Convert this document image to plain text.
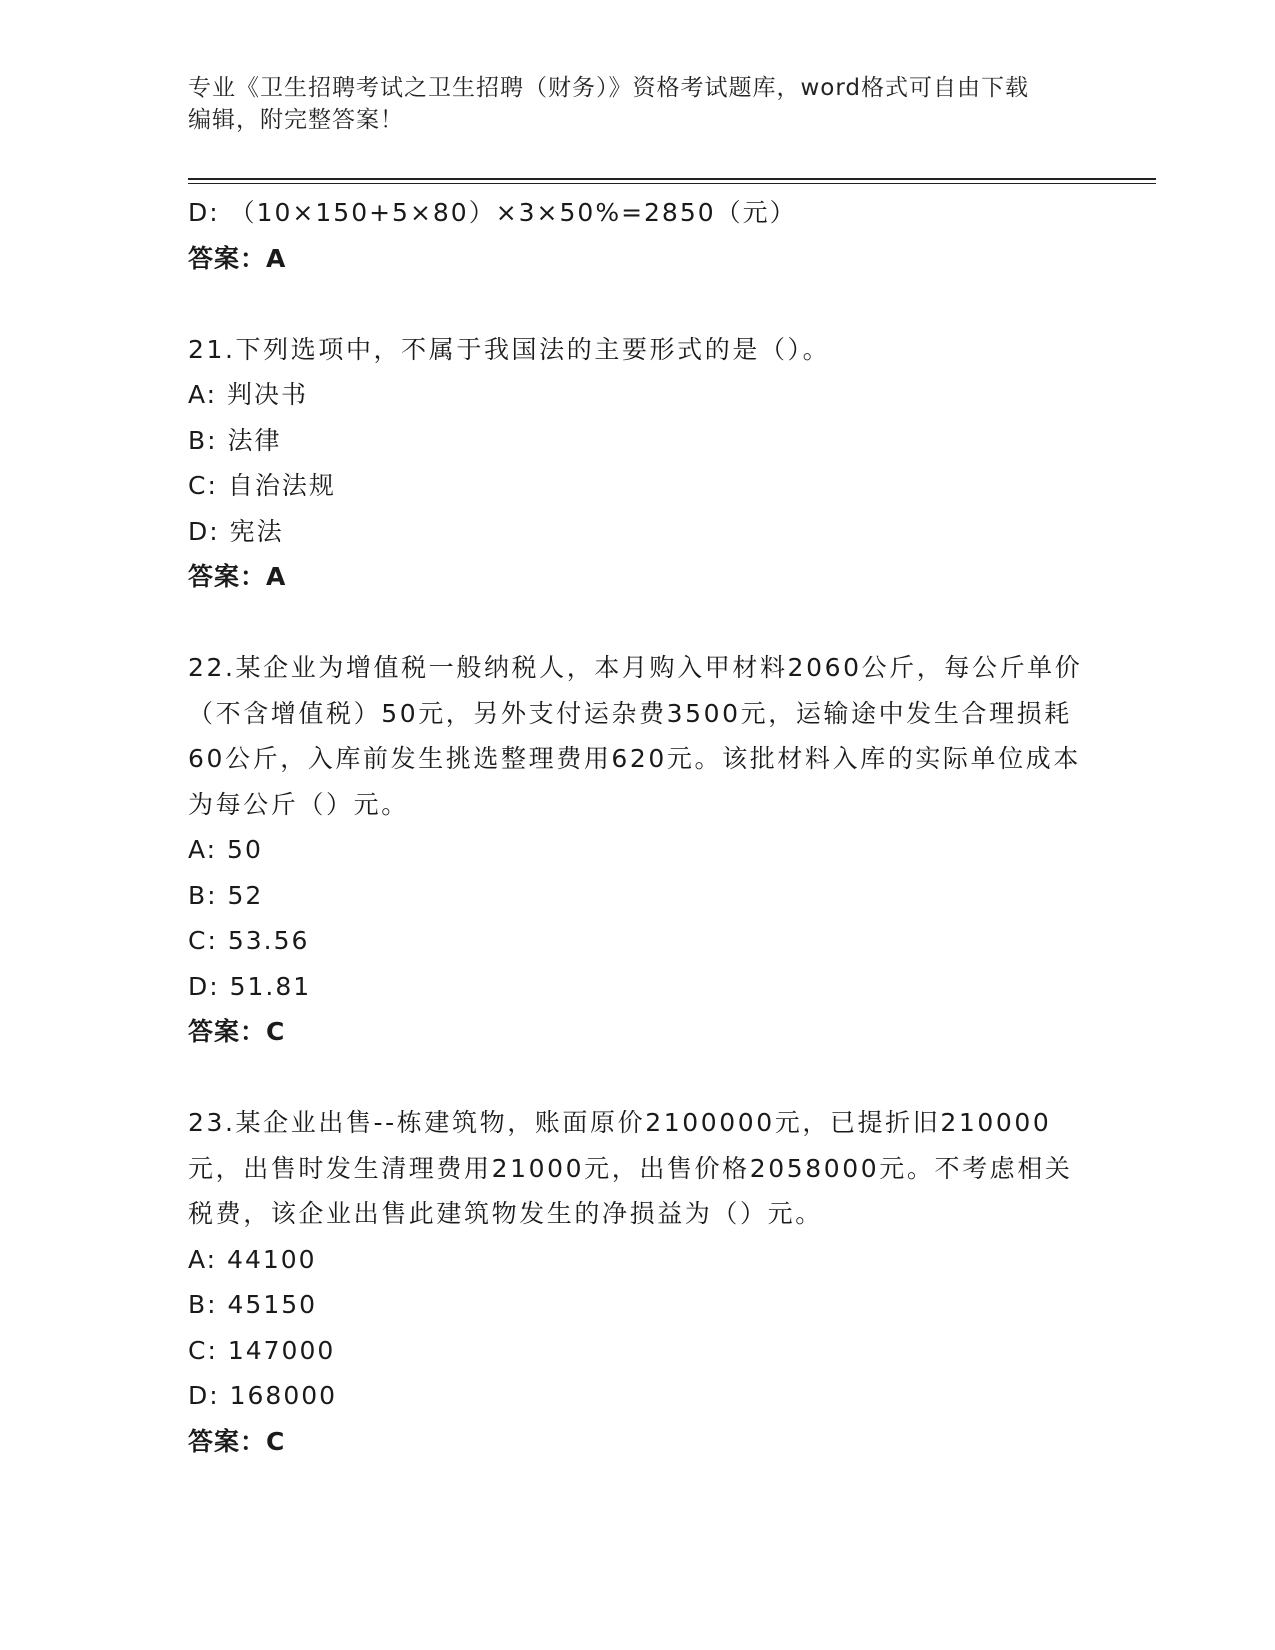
专业《卫生招聘考试之卫生招聘（财务）》资格考试题库，word格式可自由下载
编辑，附完整答案！
D: （10×150+5×80）×3×50%=2850（元）
答案：A
21.下列选项中，不属于我国法的主要形式的是（）。
A: 判决书
B: 法律
C: 自治法规
D: 宪法
答案：A
22.某企业为增值税一般纳税人，本月购入甲材料2060公斤，每公斤单价（不含增值税）50元，另外支付运杂费3500元，运输途中发生合理损耗60公斤，入库前发生挑选整理费用620元。该批材料入库的实际单位成本为每公斤（）元。
A: 50
B: 52
C: 53.56
D: 51.81
答案：C
23.某企业出售--栋建筑物，账面原价2100000元，已提折旧210000元，出售时发生清理费用21000元，出售价格2058000元。不考虑相关税费，该企业出售此建筑物发生的净损益为（）元。
A: 44100
B: 45150
C: 147000
D: 168000
答案：C
